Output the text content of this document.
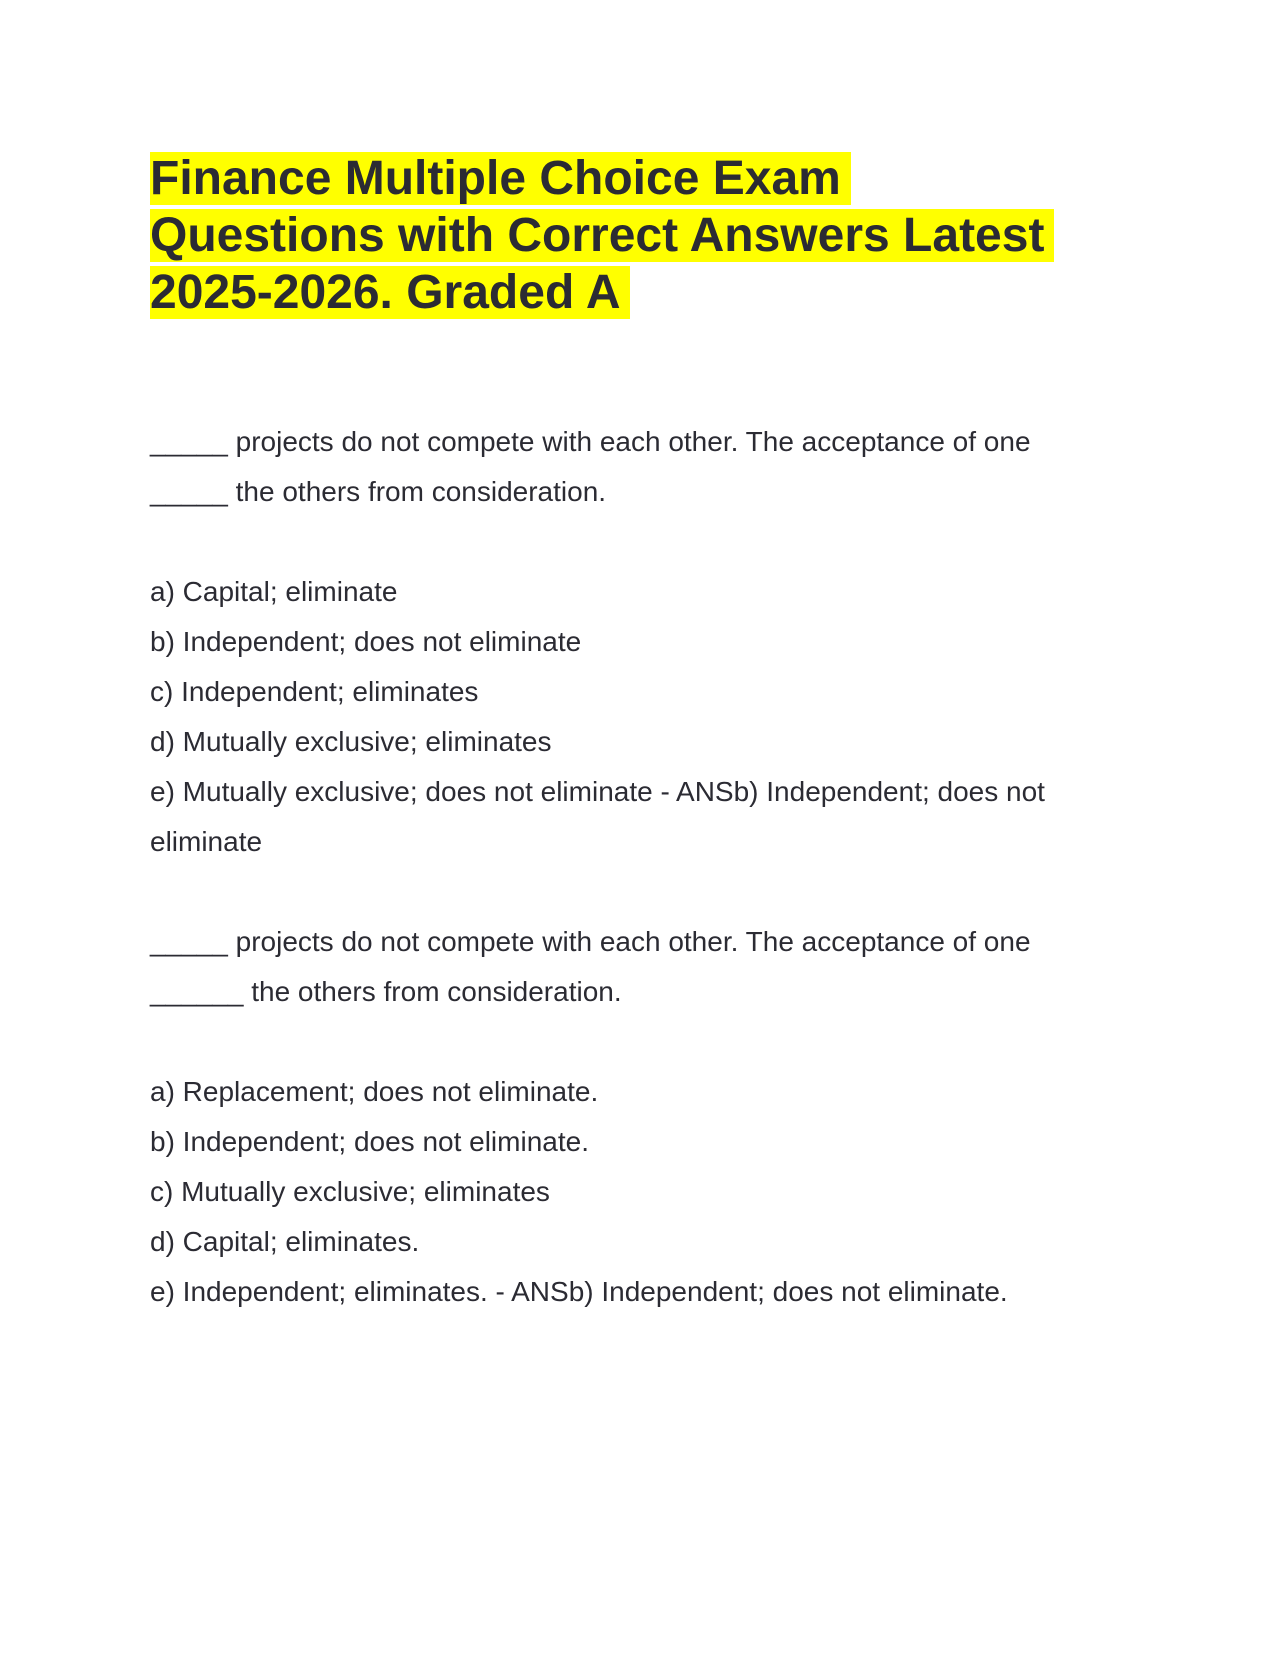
Finance Multiple Choice Exam
Questions with Correct Answers Latest
2025-2026. Graded A

_____ projects do not compete with each other. The acceptance of one

_____ the others from consideration.

a) Capital; eliminate

b) Independent; does not eliminate

c) Independent; eliminates

d) Mutually exclusive; eliminates

e) Mutually exclusive; does not eliminate - ANSb) Independent; does not

eliminate

_____ projects do not compete with each other. The acceptance of one

______ the others from consideration.

a) Replacement; does not eliminate.

b) Independent; does not eliminate.

c) Mutually exclusive; eliminates

d) Capital; eliminates.

e) Independent; eliminates. - ANSb) Independent; does not eliminate.
